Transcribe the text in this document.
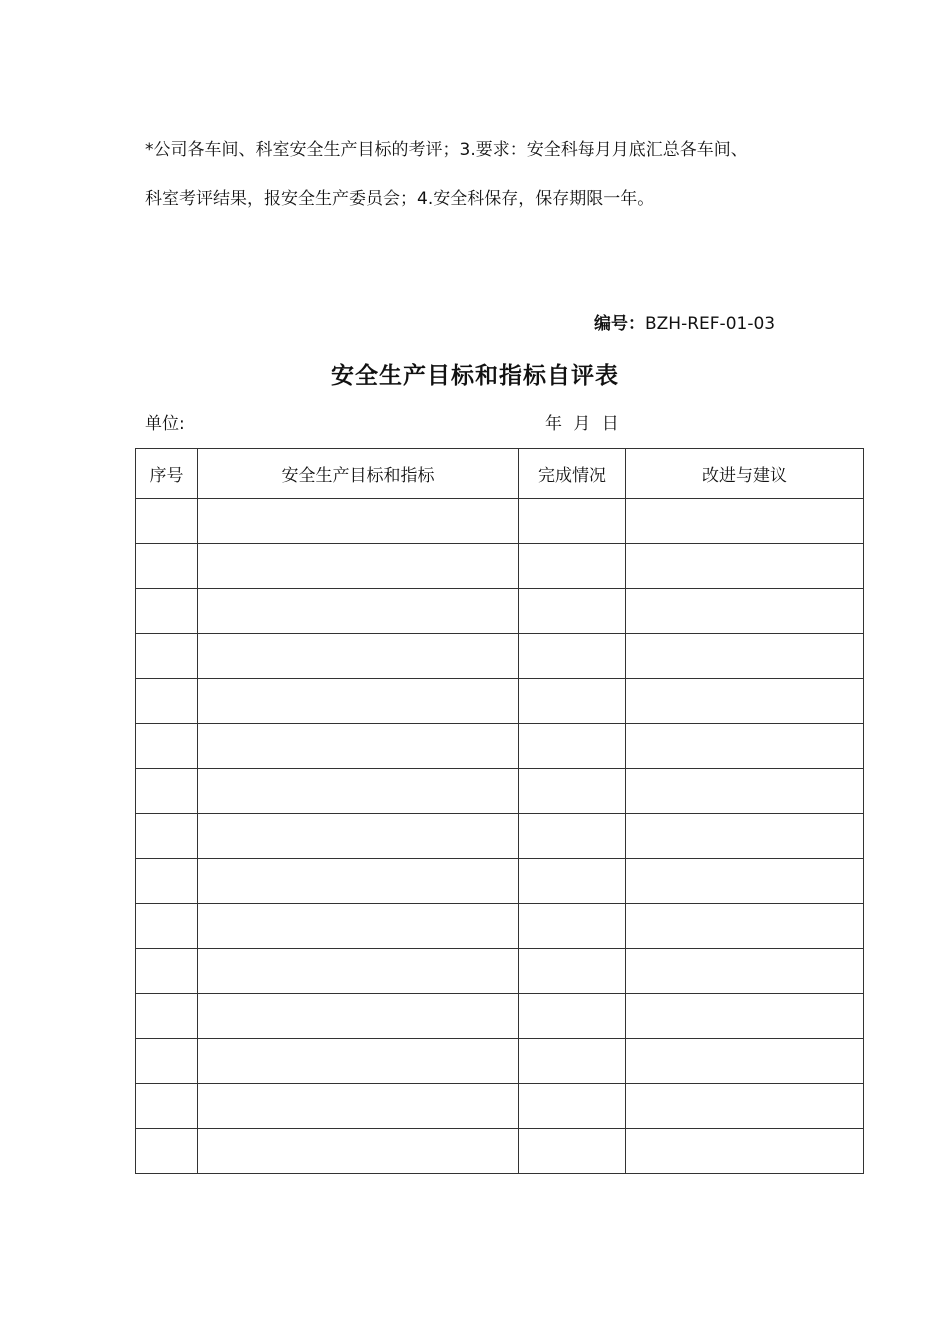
*公司各车间、科室安全生产目标的考评；3.要求：安全科每月月底汇总各车间、
科室考评结果，报安全生产委员会；4.安全科保存，保存期限一年。
编号：BZH-REF-01-03
安全生产目标和指标自评表
单位:	年 月 日
序号	安全生产目标和指标	完成情况	改进与建议
